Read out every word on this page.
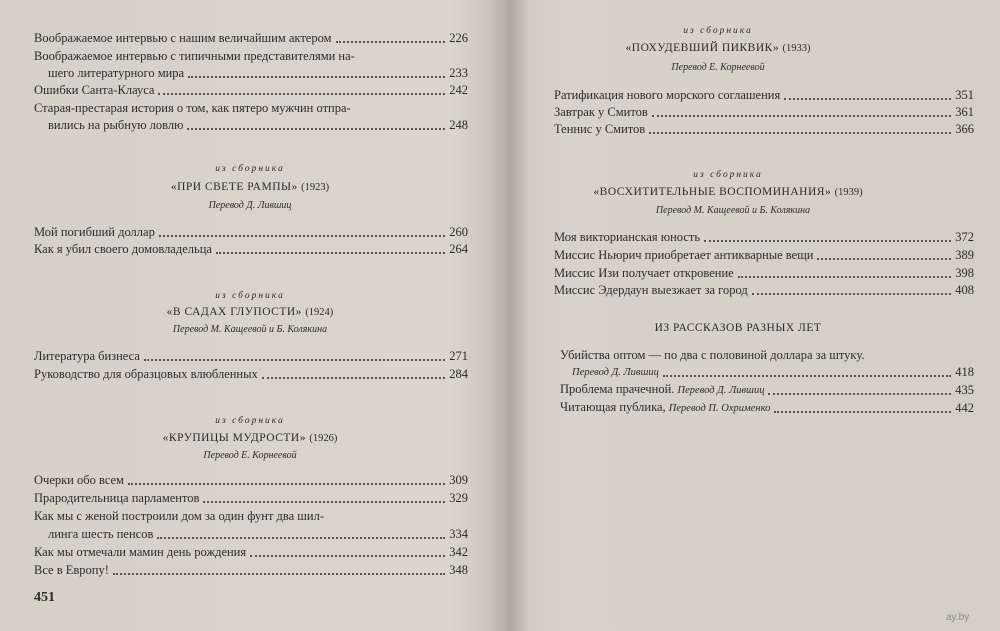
Воображаемое интервью с нашим величайшим актером	226
Воображаемое интервью с типичными представителями на-
шего литературного мира	233
Ошибки Санта-Клауса	242
Старая-престарая история о том, как пятеро мужчин отпра-
вились на рыбную ловлю	248
из сборника
«ПРИ СВЕТЕ РАМПЫ» (1923)
Перевод Д. Лившиц
Мой погибший доллар	260
Как я убил своего домовладельца	264
из сборника
«В САДАХ ГЛУПОСТИ» (1924)
Перевод М. Кащеевой и Б. Колякина
Литература бизнеса	271
Руководство для образцовых влюбленных	284
из сборника
«КРУПИЦЫ МУДРОСТИ» (1926)
Перевод Е. Корнеевой
Очерки обо всем	309
Прародительница парламентов	329
Как мы с женой построили дом за один фунт два шил-
линга шесть пенсов	334
Как мы отмечали мамин день рождения	342
Все в Европу!	348
451
из сборника
«ПОХУДЕВШИЙ ПИКВИК» (1933)
Перевод Е. Корнеевой
Ратификация нового морского соглашения	351
Завтрак у Смитов	361
Теннис у Смитов	366
из сборника
«ВОСХИТИТЕЛЬНЫЕ ВОСПОМИНАНИЯ» (1939)
Перевод М. Кащеевой и Б. Колякина
Моя викторианская юность	372
Миссис Ньюрич приобретает антикварные вещи	389
Миссис Изи получает откровение	398
Миссис Эдердаун выезжает за город	408
ИЗ РАССКАЗОВ РАЗНЫХ ЛЕТ
Убийства оптом — по два с половиной доллара за штуку.
Перевод Д. Лившиц	418
Проблема прачечной. Перевод Д. Лившиц	435
Читающая публика, Перевод П. Охрименко	442
ay.by
